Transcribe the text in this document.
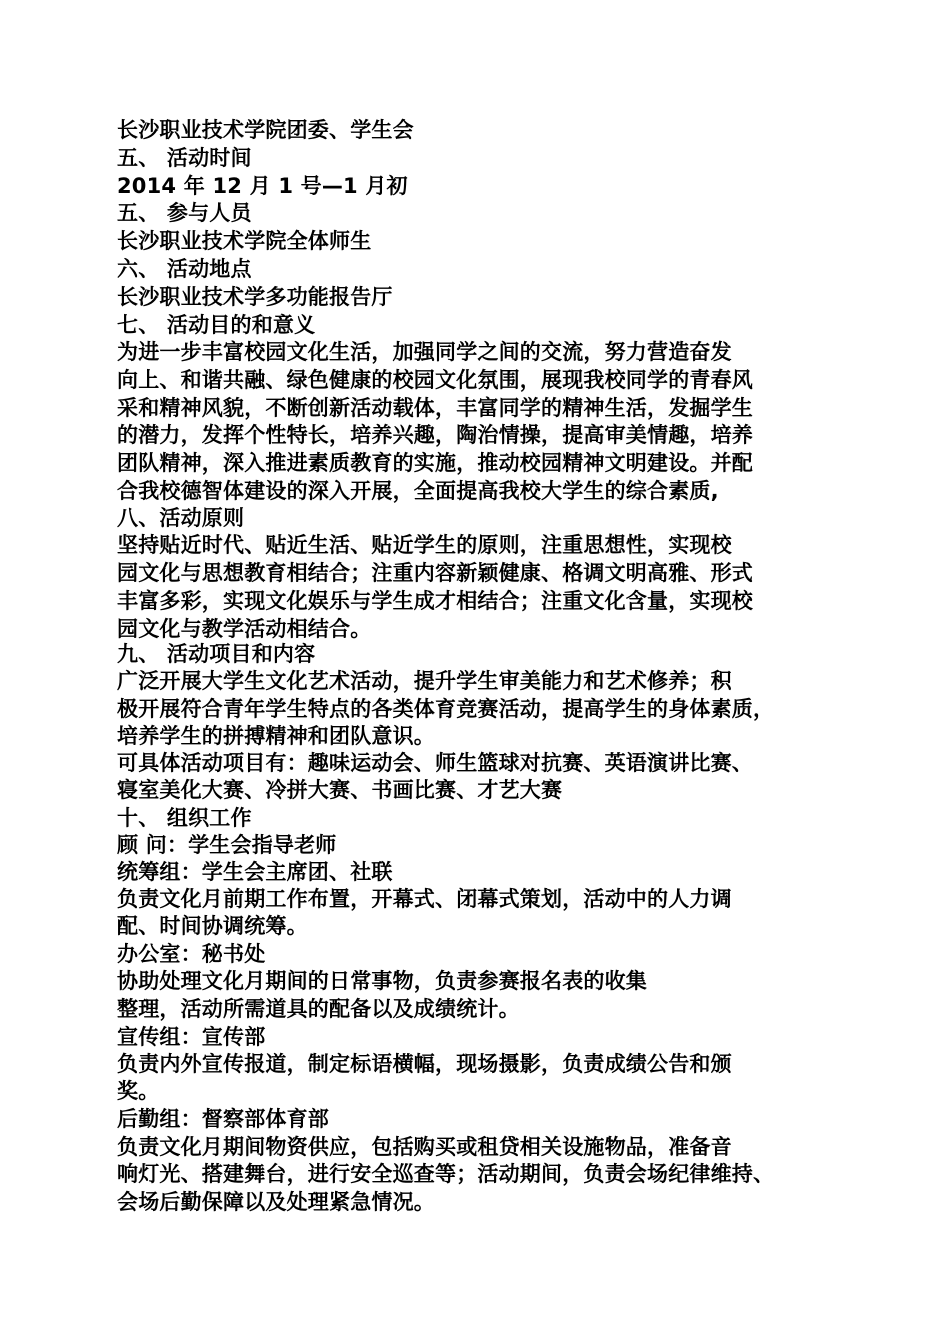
长沙职业技术学院团委、学生会

五、 活动时间

2014 年 12 月 1 号—1 月初

五、 参与人员

长沙职业技术学院全体师生

六、 活动地点

长沙职业技术学多功能报告厅

七、 活动目的和意义

为进一步丰富校园文化生活，加强同学之间的交流，努力营造奋发

向上、和谐共融、绿色健康的校园文化氛围，展现我校同学的青春风

采和精神风貌，不断创新活动载体，丰富同学的精神生活，发掘学生

的潜力，发挥个性特长，培养兴趣，陶治情操，提高审美情趣，培养

团队精神，深入推进素质教育的实施，推动校园精神文明建设。并配

合我校德智体建设的深入开展，全面提高我校大学生的综合素质,

八、活动原则

坚持贴近时代、贴近生活、贴近学生的原则，注重思想性，实现校

园文化与思想教育相结合；注重内容新颖健康、格调文明高雅、形式

丰富多彩，实现文化娱乐与学生成才相结合；注重文化含量，实现校

园文化与教学活动相结合。

九、 活动项目和内容

广泛开展大学生文化艺术活动，提升学生审美能力和艺术修养；积

极开展符合青年学生特点的各类体育竞赛活动，提高学生的身体素质，

培养学生的拼搏精神和团队意识。

可具体活动项目有：趣味运动会、师生篮球对抗赛、英语演讲比赛、

寝室美化大赛、冷拼大赛、书画比赛、才艺大赛

十、 组织工作

顾 问：学生会指导老师

统筹组：学生会主席团、社联

负责文化月前期工作布置，开幕式、闭幕式策划，活动中的人力调

配、时间协调统筹。

办公室：秘书处

协助处理文化月期间的日常事物，负责参赛报名表的收集

整理，活动所需道具的配备以及成绩统计。

宣传组：宣传部

负责内外宣传报道，制定标语横幅，现场摄影，负责成绩公告和颁

奖。

后勤组：督察部体育部

负责文化月期间物资供应，包括购买或租贷相关设施物品，准备音

响灯光、搭建舞台，进行安全巡查等；活动期间，负责会场纪律维持、

会场后勤保障以及处理紧急情况。
